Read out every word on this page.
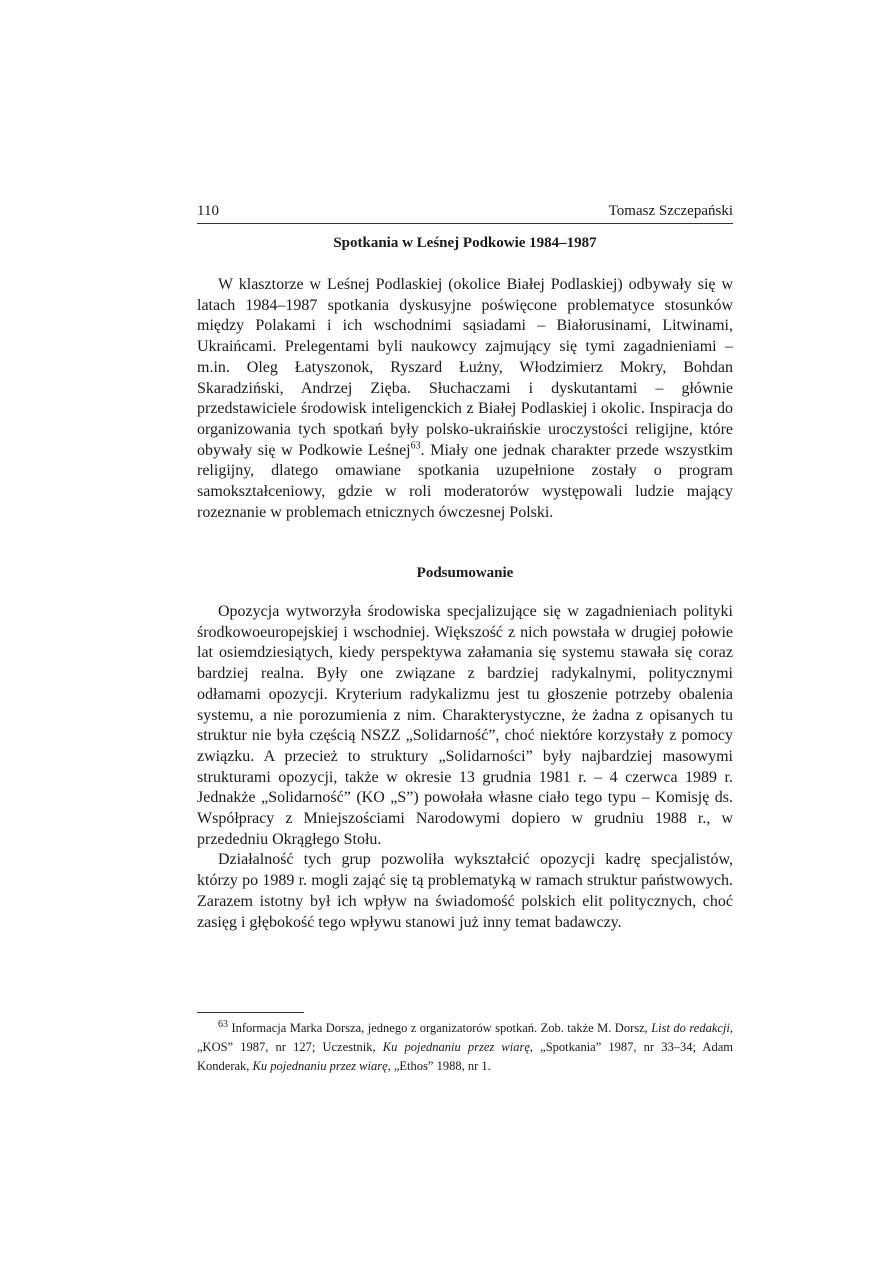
110	Tomasz Szczepański
Spotkania w Leśnej Podkowie 1984–1987

W klasztorze w Leśnej Podlaskiej (okolice Białej Podlaskiej) odbywały się w latach 1984–1987 spotkania dyskusyjne poświęcone problematyce stosunków między Polakami i ich wschodnimi sąsiadami – Białorusinami, Litwinami, Ukraińcami. Prelegentami byli naukowcy zajmujący się tymi zagadnieniami – m.in. Oleg Łatyszonok, Ryszard Łużny, Włodzimierz Mokry, Bohdan Skaradziński, Andrzej Zięba. Słuchaczami i dyskutantami – głównie przedstawiciele środowisk inteligenckich z Białej Podlaskiej i okolic. Inspiracja do organizowania tych spotkań były polsko-ukraińskie uroczystości religijne, które obywały się w Podkowie Leśnej$^{63}$. Miały one jednak charakter przede wszystkim religijny, dlatego omawiane spotkania uzupełnione zostały o program samokształceniowy, gdzie w roli moderatorów występowali ludzie mający rozeznanie w problemach etnicznych ówczesnej Polski.

Podsumowanie

Opozycja wytworzyła środowiska specjalizujące się w zagadnieniach polityki środkowoeuropejskiej i wschodniej. Większość z nich powstała w drugiej połowie lat osiemdziesiątych, kiedy perspektywa załamania się systemu stawała się coraz bardziej realna. Były one związane z bardziej radykalnymi, politycznymi odłamami opozycji. Kryterium radykalizmu jest tu głoszenie potrzeby obalenia systemu, a nie porozumienia z nim. Charakterystyczne, że żadna z opisanych tu struktur nie była częścią NSZZ „Solidarność”, choć niektóre korzystały z pomocy związku. A przecież to struktury „Solidarności” były najbardziej masowymi strukturami opozycji, także w okresie 13 grudnia 1981 r. – 4 czerwca 1989 r. Jednakże „Solidarność” (KO „S”) powołała własne ciało tego typu – Komisję ds. Współpracy z Mniejszościami Narodowymi dopiero w grudniu 1988 r., w przededniu Okrągłego Stołu.

Działalność tych grup pozwoliła wykształcić opozycji kadrę specjalistów, którzy po 1989 r. mogli zająć się tą problematyką w ramach struktur państwowych. Zarazem istotny był ich wpływ na świadomość polskich elit politycznych, choć zasięg i głębokość tego wpływu stanowi już inny temat badawczy.

$^{63}$ Informacja Marka Dorsza, jednego z organizatorów spotkań. Zob. także M. Dorsz, List do redakcji, „KOS” 1987, nr 127; Uczestnik, Ku pojednaniu przez wiarę, „Spotkania” 1987, nr 33–34; Adam Konderak, Ku pojednaniu przez wiarę, „Ethos” 1988, nr 1.
